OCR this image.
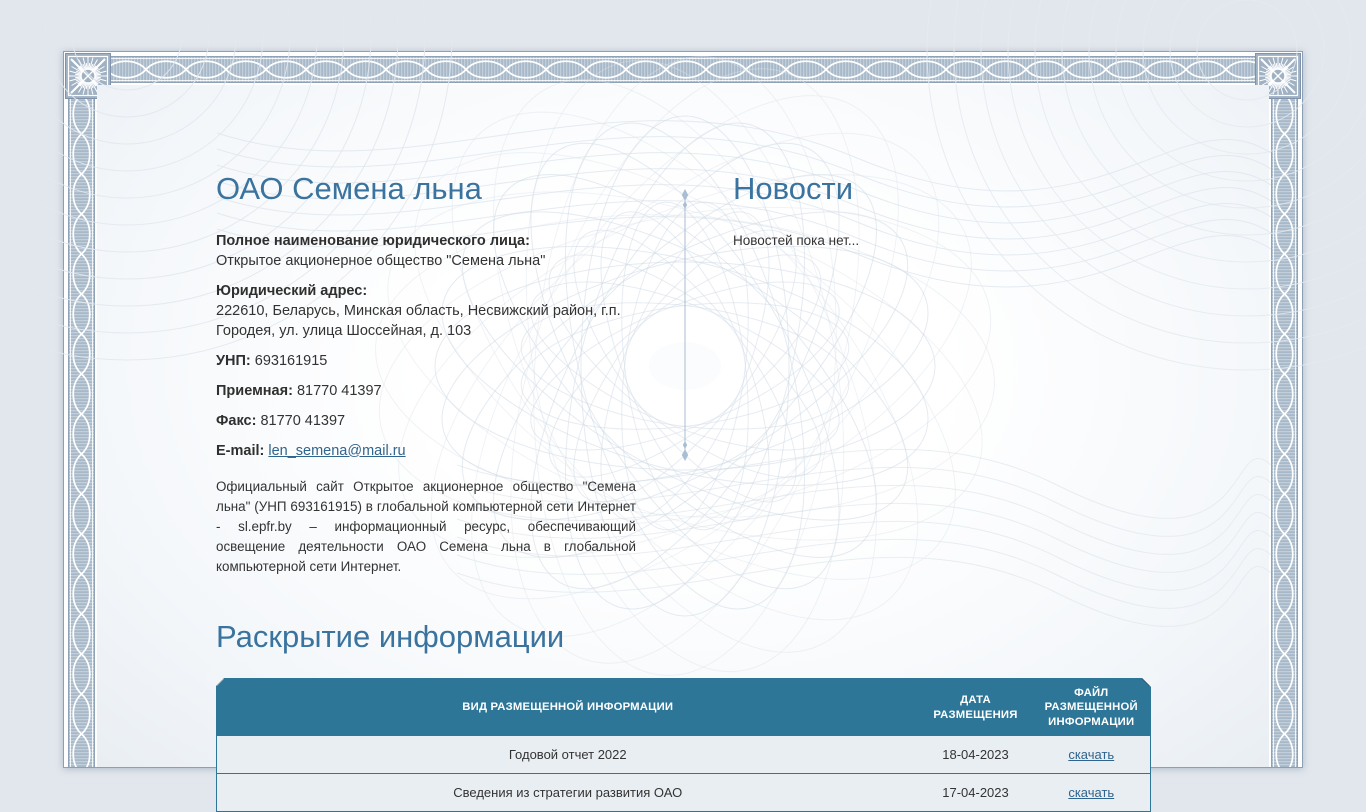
ОАО Семена льна

Полное наименование юридического лица:
Открытое акционерное общество "Семена льна"

Юридический адрес:
222610, Беларусь, Минская область, Несвижский район, г.п. Городея, ул. улица Шоссейная, д. 103

УНП: 693161915

Приемная: 81770 41397

Факс: 81770 41397

E-mail: len_semena@mail.ru

Официальный сайт Открытое акционерное общество "Семена льна" (УНП 693161915) в глобальной компьютерной сети Интернет - sl.epfr.by – информационный ресурс, обеспечивающий освещение деятельности ОАО Семена льна в глобальной компьютерной сети Интернет.

Новости

Новостей пока нет...

Раскрытие информации
ВИД РАЗМЕЩЕННОЙ ИНФОРМАЦИИ	ДАТА РАЗМЕЩЕНИЯ	ФАЙЛ РАЗМЕЩЕННОЙ ИНФОРМАЦИИ
Годовой отчет 2022	18-04-2023	скачать
Сведения из стратегии развития ОАО	17-04-2023	скачать
